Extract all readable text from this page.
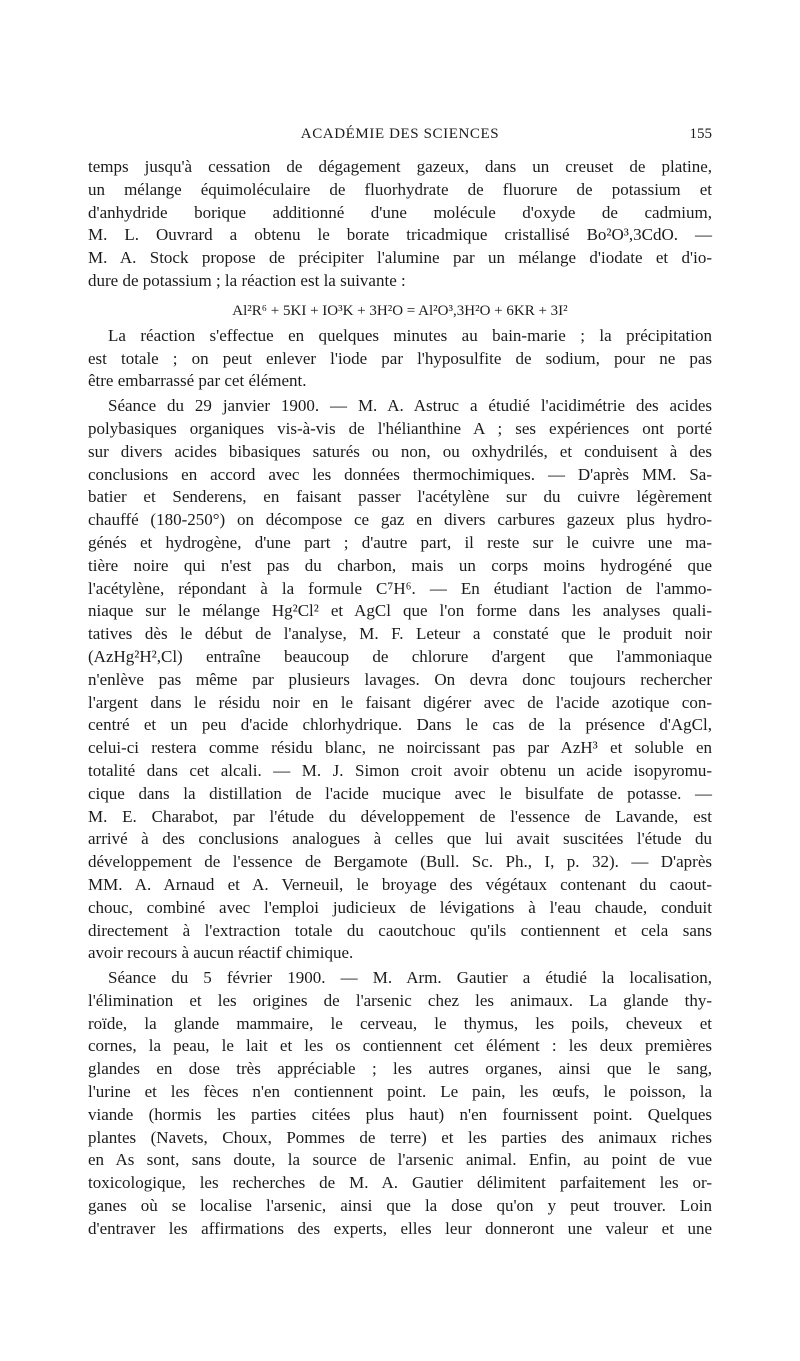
ACADÉMIE DES SCIENCES	155
temps jusqu'à cessation de dégagement gazeux, dans un creuset de platine,
un mélange équimoléculaire de fluorhydrate de fluorure de potassium et
d'anhydride borique additionné d'une molécule d'oxyde de cadmium,
M. L. Ouvrard a obtenu le borate tricadmique cristallisé Bo²O³,3CdO. —
M. A. Stock propose de précipiter l'alumine par un mélange d'iodate et d'io-
dure de potassium ; la réaction est la suivante :
Al²R⁶ + 5KI + IO³K + 3H²O = Al²O³,3H²O + 6KR + 3I²
La réaction s'effectue en quelques minutes au bain-marie ; la précipitation
est totale ; on peut enlever l'iode par l'hyposulfite de sodium, pour ne pas
être embarrassé par cet élément.
Séance du 29 janvier 1900. — M. A. Astruc a étudié l'acidimétrie des acides
polybasiques organiques vis-à-vis de l'hélianthine A ; ses expériences ont porté
sur divers acides bibasiques saturés ou non, ou oxhydrilés, et conduisent à des
conclusions en accord avec les données thermochimiques. — D'après MM. Sa-
batier et Senderens, en faisant passer l'acétylène sur du cuivre légèrement
chauffé (180-250°) on décompose ce gaz en divers carbures gazeux plus hydro-
génés et hydrogène, d'une part ; d'autre part, il reste sur le cuivre une ma-
tière noire qui n'est pas du charbon, mais un corps moins hydrogéné que
l'acétylène, répondant à la formule C⁷H⁶. — En étudiant l'action de l'ammo-
niaque sur le mélange Hg²Cl² et AgCl que l'on forme dans les analyses quali-
tatives dès le début de l'analyse, M. F. Leteur a constaté que le produit noir
(AzHg²H²,Cl) entraîne beaucoup de chlorure d'argent que l'ammoniaque
n'enlève pas même par plusieurs lavages. On devra donc toujours rechercher
l'argent dans le résidu noir en le faisant digérer avec de l'acide azotique con-
centré et un peu d'acide chlorhydrique. Dans le cas de la présence d'AgCl,
celui-ci restera comme résidu blanc, ne noircissant pas par AzH³ et soluble en
totalité dans cet alcali. — M. J. Simon croit avoir obtenu un acide isopyromu-
cique dans la distillation de l'acide mucique avec le bisulfate de potasse. —
M. E. Charabot, par l'étude du développement de l'essence de Lavande, est
arrivé à des conclusions analogues à celles que lui avait suscitées l'étude du
développement de l'essence de Bergamote (Bull. Sc. Ph., I, p. 32). — D'après
MM. A. Arnaud et A. Verneuil, le broyage des végétaux contenant du caout-
chouc, combiné avec l'emploi judicieux de lévigations à l'eau chaude, conduit
directement à l'extraction totale du caoutchouc qu'ils contiennent et cela sans
avoir recours à aucun réactif chimique.
Séance du 5 février 1900. — M. Arm. Gautier a étudié la localisation,
l'élimination et les origines de l'arsenic chez les animaux. La glande thy-
roïde, la glande mammaire, le cerveau, le thymus, les poils, cheveux et
cornes, la peau, le lait et les os contiennent cet élément : les deux premières
glandes en dose très appréciable ; les autres organes, ainsi que le sang,
l'urine et les fèces n'en contiennent point. Le pain, les œufs, le poisson, la
viande (hormis les parties citées plus haut) n'en fournissent point. Quelques
plantes (Navets, Choux, Pommes de terre) et les parties des animaux riches
en As sont, sans doute, la source de l'arsenic animal. Enfin, au point de vue
toxicologique, les recherches de M. A. Gautier délimitent parfaitement les or-
ganes où se localise l'arsenic, ainsi que la dose qu'on y peut trouver. Loin
d'entraver les affirmations des experts, elles leur donneront une valeur et une
